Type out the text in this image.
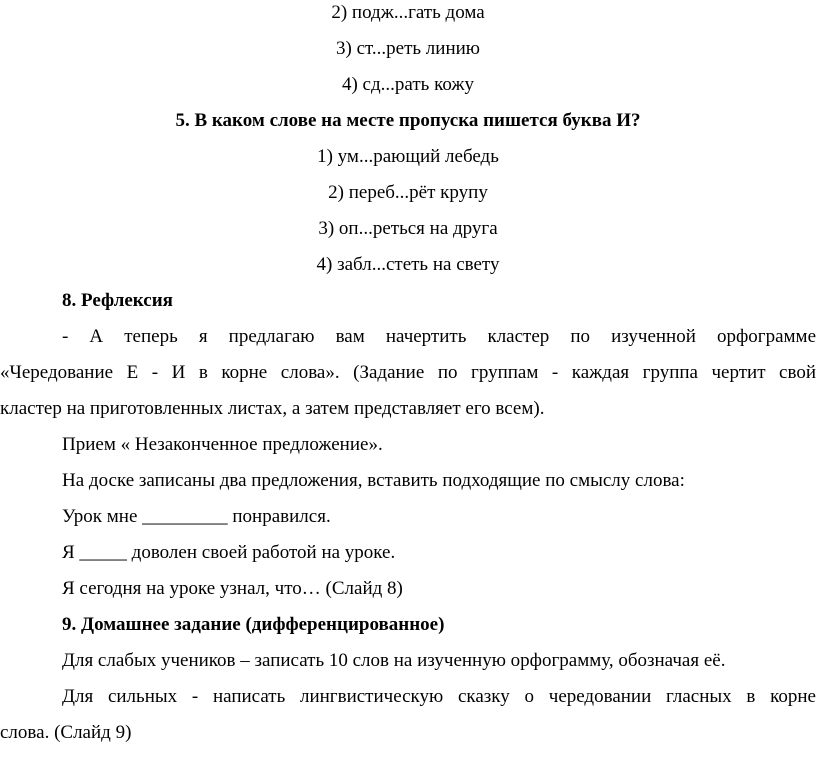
2) подж...гать дома
3) ст...реть линию
4) сд...рать кожу
5. В каком слове на месте пропуска пишется буква И?
1) ум...рающий лебедь
2) переб...рёт крупу
3) оп...реться на друга
4) забл...стеть на свету
8. Рефлексия
- А теперь я предлагаю вам начертить кластер по изученной орфограмме
«Чередование Е - И в корне слова». (Задание по группам - каждая группа чертит свой
кластер на приготовленных листах, а затем представляет его всем).
Прием « Незаконченное предложение».
На доске записаны два предложения, вставить подходящие по смыслу слова:
Урок мне _________ понравился.
Я _____ доволен своей работой на уроке.
Я сегодня на уроке узнал, что… (Слайд 8)
9. Домашнее задание (дифференцированное)
Для слабых учеников – записать 10 слов на изученную орфограмму, обозначая её.
Для сильных - написать лингвистическую сказку о чередовании гласных в корне
слова. (Слайд 9)
